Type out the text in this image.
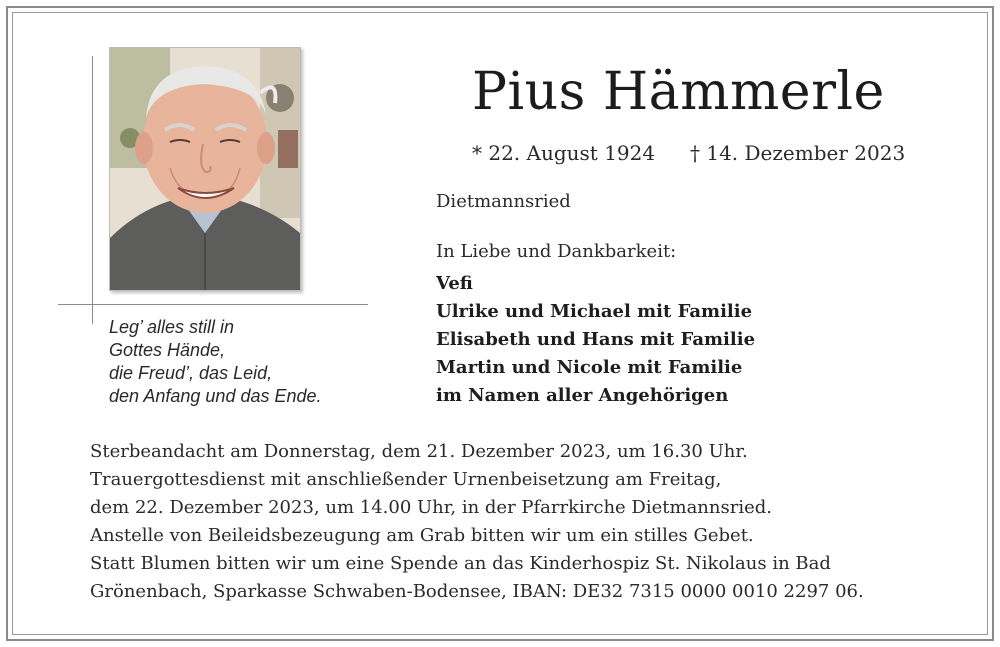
Leg’ alles still in
Gottes Hände,
die Freud’, das Leid,
den Anfang und das Ende.
Pius Hämmerle
* 22. August 1924 † 14. Dezember 2023
Dietmannsried
In Liebe und Dankbarkeit:
Vefi
Ulrike und Michael mit Familie
Elisabeth und Hans mit Familie
Martin und Nicole mit Familie
im Namen aller Angehörigen
Sterbeandacht am Donnerstag, dem 21. Dezember 2023, um 16.30 Uhr.
Trauergottesdienst mit anschließender Urnenbeisetzung am Freitag,
dem 22. Dezember 2023, um 14.00 Uhr, in der Pfarrkirche Dietmannsried.
Anstelle von Beileidsbezeugung am Grab bitten wir um ein stilles Gebet.
Statt Blumen bitten wir um eine Spende an das Kinderhospiz St. Nikolaus in Bad
Grönenbach, Sparkasse Schwaben-Bodensee, IBAN: DE32 7315 0000 0010 2297 06.
